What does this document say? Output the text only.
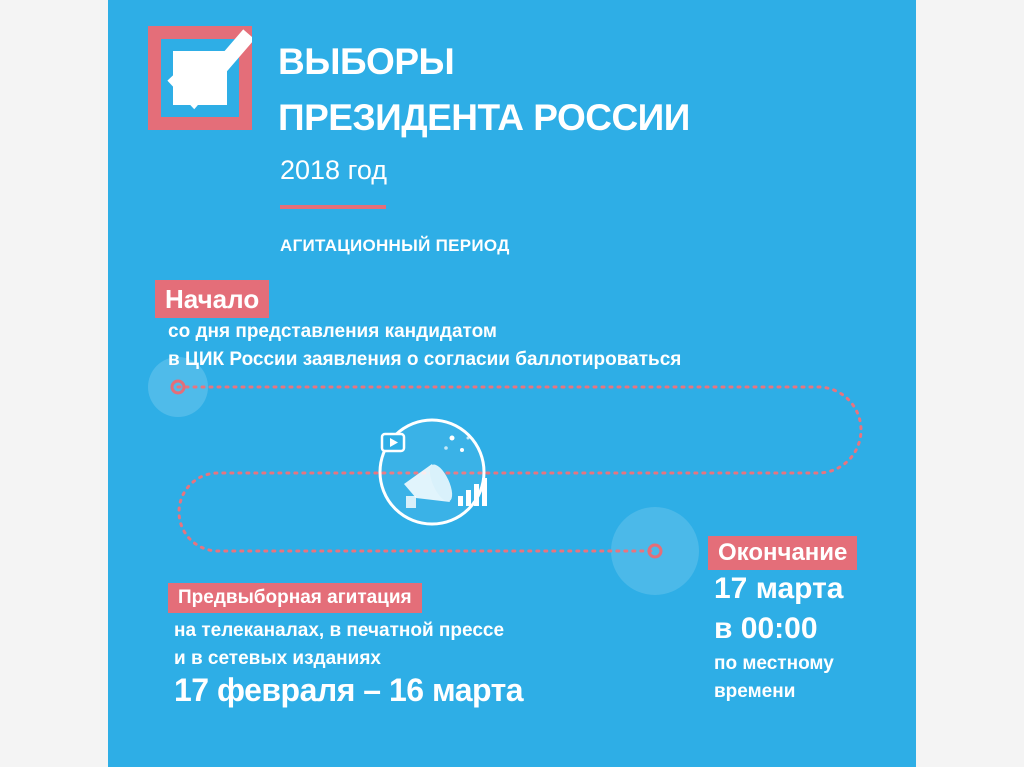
ВЫБОРЫ
ПРЕЗИДЕНТА РОССИИ
2018 год
АГИТАЦИОННЫЙ ПЕРИОД
Начало
со дня представления кандидатом
в ЦИК России заявления о согласии баллотироваться
Предвыборная агитация
на телеканалах, в печатной прессе
и в сетевых изданиях
17 февраля – 16 марта
Окончание
17 марта
в 00:00
по местному
времени
